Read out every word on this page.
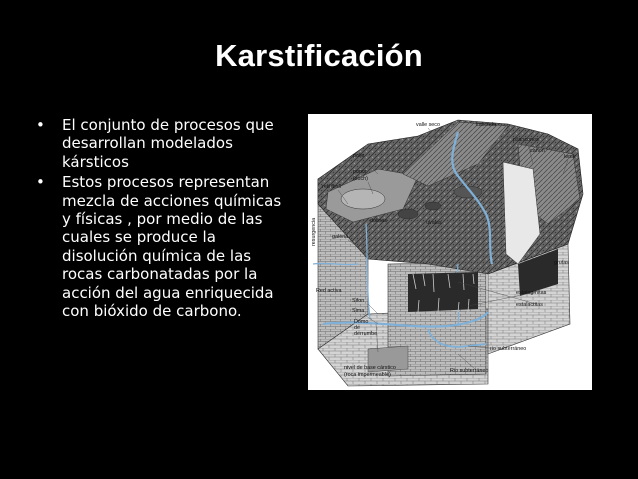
Karstificación
• El conjunto de procesos que desarrollan modelados kársticos
• Estos procesos representan mezcla de acciones químicas y físicas , por medio de las cuales se produce la disolución química de las rocas carbonatadas por la acción del agua enriquecida con bióxido de carbono.
valle seco	cascada
pilancones
cañon
lenar
polje
ponor
(such)
red fosil
dolinas	uvalas
resurgencia	galeria
grutas
Red activa	estalagmitas
estalactitas
Sifon
Sima
Domo
de
derrumbe
rio subterráneo
nivel de base cárstico
(roca impermeable)
Rio subterráneo
